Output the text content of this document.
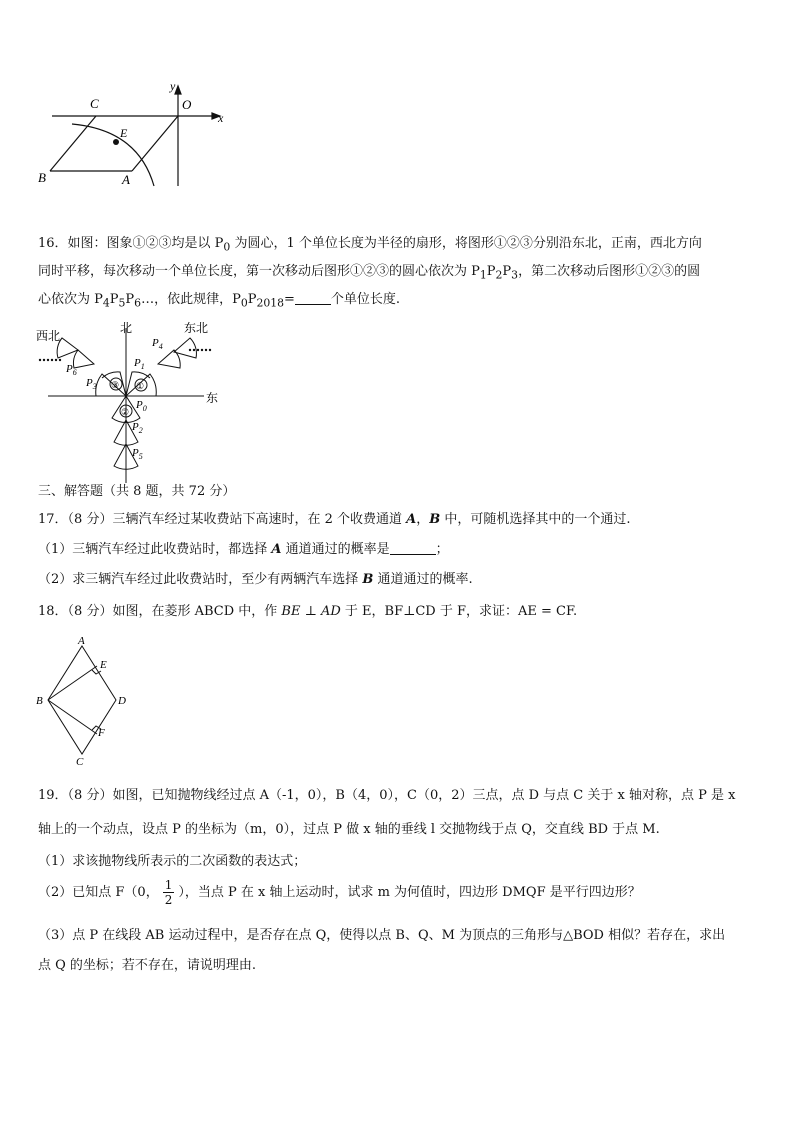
C	O
y
x
E
B	A
16．如图：图象①②③均是以 $P_0$ 为圆心，1 个单位长度为半径的扇形，将图形①②③分别沿东北，正南，西北方向
同时平移，每次移动一个单位长度，第一次移动后图形①②③的圆心依次为 $P_1P_2P_3$，第二次移动后图形①②③的圆
心依次为 $P_4P_5P_6\dots$，依此规律，$P_0P_{2018}=$	个单位长度.
北
西北
东北
东
$P_0$
$P_1$
$P_2$
$P_3$
$P_4$
$P_5$
$P_6$
①
③
②
三、解答题（共 8 题，共 72 分）
17．（8 分）三辆汽车经过某收费站下高速时，在 2 个收费通道 A，B 中，可随机选择其中的一个通过.
（1）三辆汽车经过此收费站时，都选择 A 通道通过的概率是	；
（2）求三辆汽车经过此收费站时，至少有两辆汽车选择 B 通道通过的概率.
18．（8 分）如图，在菱形 ABCD 中，作 BE ⊥ AD 于 E，BF⊥CD 于 F，求证：AE = CF.
A
E
B	D
F
C
19．（8 分）如图，已知抛物线经过点 A（-1，0），B（4，0），C（0，2）三点，点 D 与点 C 关于 x 轴对称，点 P 是 x
轴上的一个动点，设点 P 的坐标为（m，0），过点 P 做 x 轴的垂线 l 交抛物线于点 Q，交直线 BD 于点 M.
（1）求该抛物线所表示的二次函数的表达式；
（2）已知点 F（0， $\frac{1}{2}$ ），当点 P 在 x 轴上运动时，试求 m 为何值时，四边形 DMQF 是平行四边形？
（3）点 P 在线段 AB 运动过程中，是否存在点 Q，使得以点 B、Q、M 为顶点的三角形与△BOD 相似？若存在，求出
点 Q 的坐标；若不存在，请说明理由.
